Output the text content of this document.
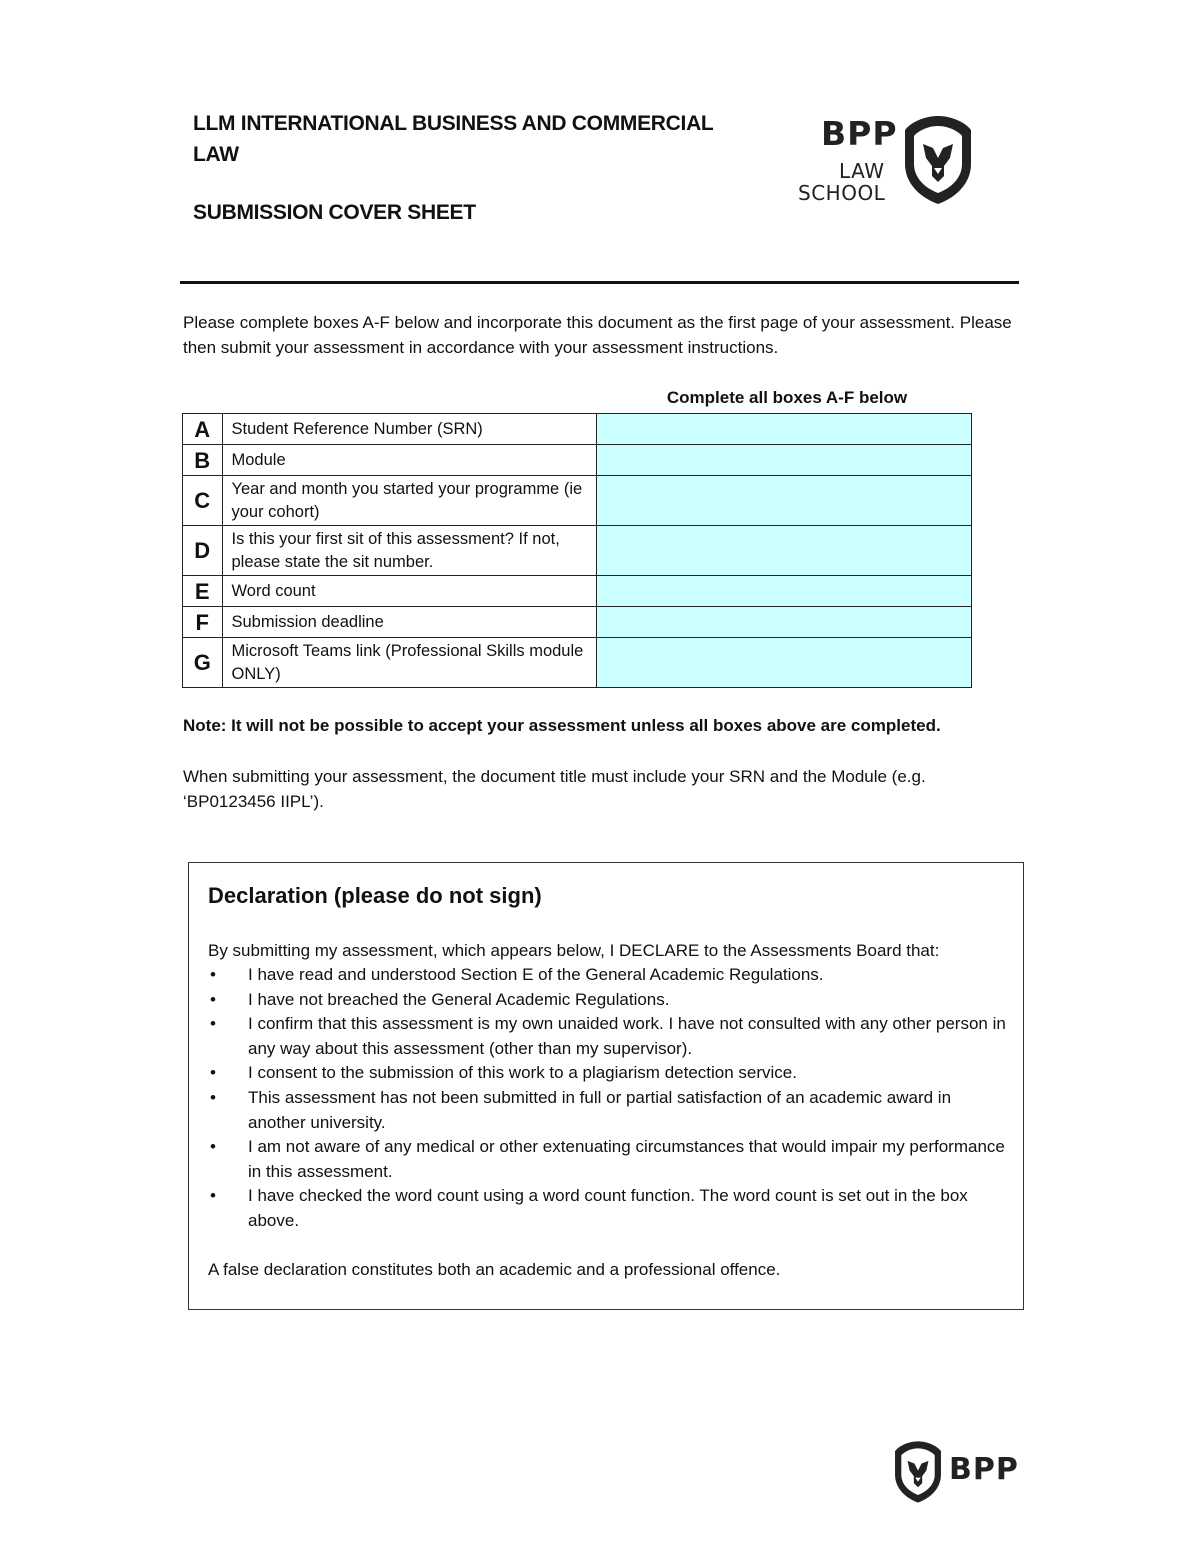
LLM INTERNATIONAL BUSINESS AND COMMERCIAL LAW
SUBMISSION COVER SHEET
BPP
LAW
SCHOOL
Please complete boxes A-F below and incorporate this document as the first page of your assessment. Please then submit your assessment in accordance with your assessment instructions.
Complete all boxes A-F below
A	Student Reference Number (SRN)	
B	Module	
C	Year and month you started your programme (ie your cohort)	
D	Is this your first sit of this assessment? If not, please state the sit number.	
E	Word count	
F	Submission deadline	
G	Microsoft Teams link (Professional Skills module ONLY)	
Note: It will not be possible to accept your assessment unless all boxes above are completed.
When submitting your assessment, the document title must include your SRN and the Module (e.g. ‘BP0123456 IIPL’).
Declaration (please do not sign)
By submitting my assessment, which appears below, I DECLARE to the Assessments Board that:
• I have read and understood Section E of the General Academic Regulations.
• I have not breached the General Academic Regulations.
• I confirm that this assessment is my own unaided work. I have not consulted with any other person in any way about this assessment (other than my supervisor).
• I consent to the submission of this work to a plagiarism detection service.
• This assessment has not been submitted in full or partial satisfaction of an academic award in another university.
• I am not aware of any medical or other extenuating circumstances that would impair my performance in this assessment.
• I have checked the word count using a word count function. The word count is set out in the box above.
A false declaration constitutes both an academic and a professional offence.
BPP
